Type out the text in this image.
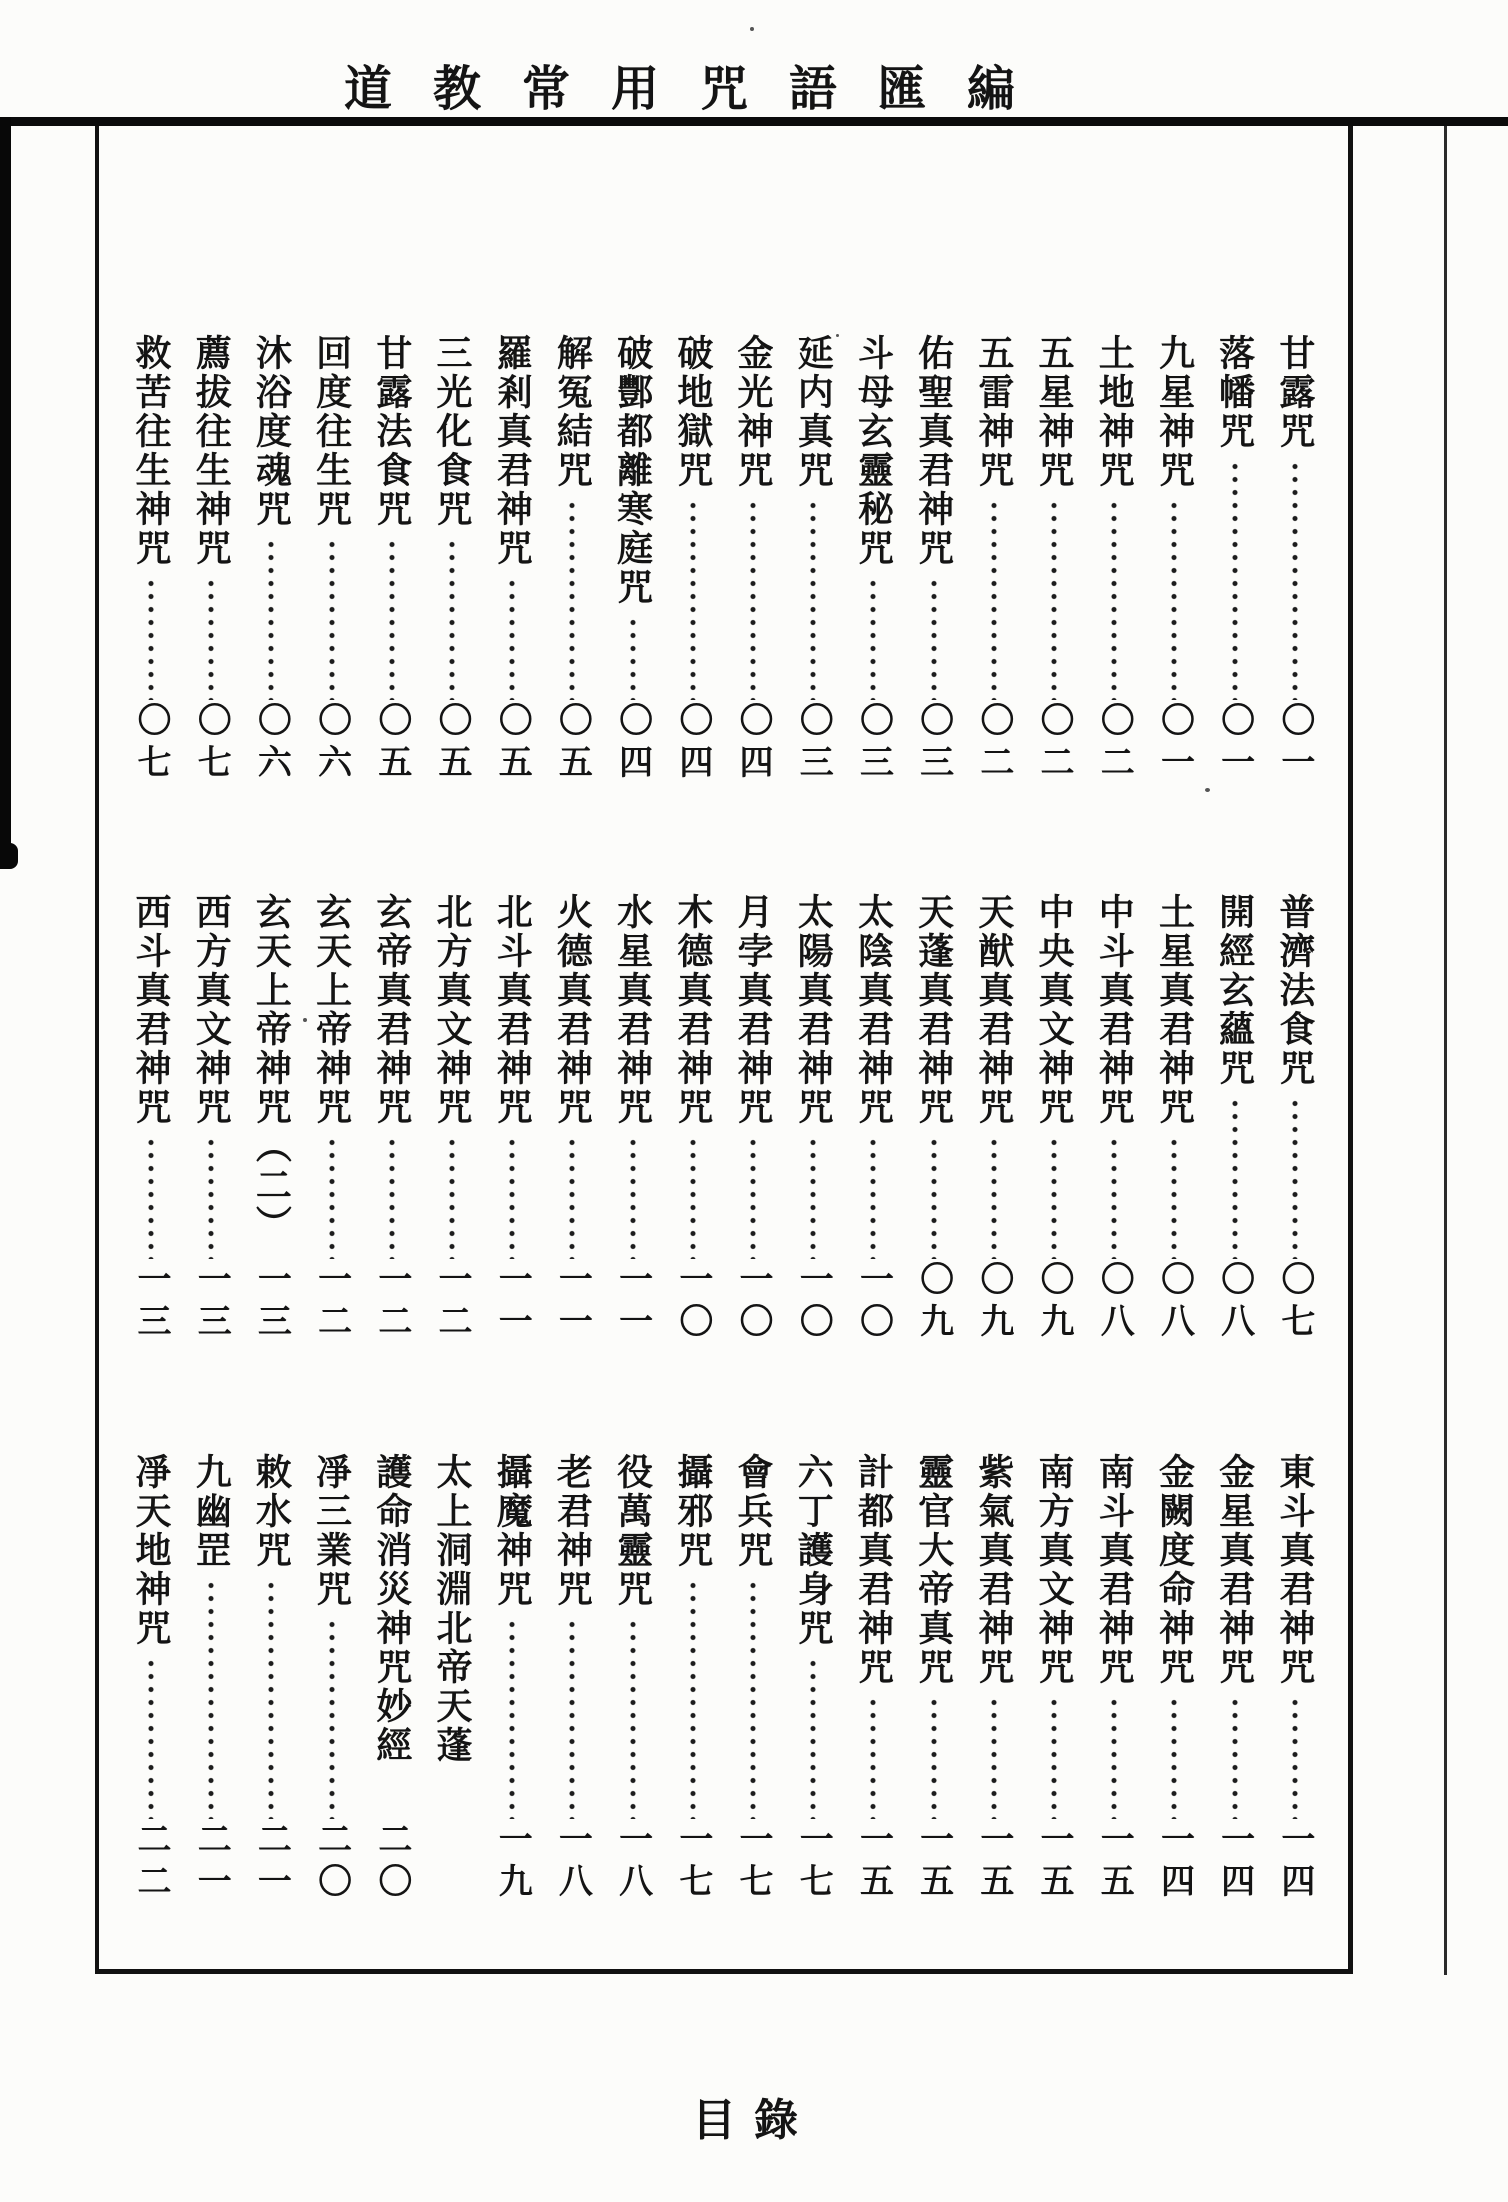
道教常用咒語匯編
甘露咒
〇一
落幡咒
〇一
九星神咒
〇一
土地神咒
〇二
五星神咒
〇二
五雷神咒
〇二
佑聖真君神咒
〇三
斗母玄靈秘咒
〇三
延内真咒
〇三
金光神咒
〇四
破地獄咒
〇四
破酆都離寒庭咒
〇四
解冤結咒
〇五
羅剎真君神咒
〇五
三光化食咒
〇五
甘露法食咒
〇五
回度往生咒
〇六
沐浴度魂咒
〇六
薦拔往生神咒
〇七
救苦往生神咒
〇七
普濟法食咒
〇七
開經玄蘊咒
〇八
土星真君神咒
〇八
中斗真君神咒
〇八
中央真文神咒
〇九
天猷真君神咒
〇九
天蓬真君神咒
〇九
太陰真君神咒
一〇
太陽真君神咒
一〇
月孛真君神咒
一〇
木德真君神咒
一〇
水星真君神咒
一一
火德真君神咒
一一
北斗真君神咒
一一
北方真文神咒
一二
玄帝真君神咒
一二
玄天上帝神咒
一二
玄天上帝神咒（二）
一三
西方真文神咒
一三
西斗真君神咒
一三
東斗真君神咒
一四
金星真君神咒
一四
金闕度命神咒
一四
南斗真君神咒
一五
南方真文神咒
一五
紫氣真君神咒
一五
靈官大帝真咒
一五
計都真君神咒
一五
六丁護身咒
一七
會兵咒
一七
攝邪咒
一七
役萬靈咒
一八
老君神咒
一八
攝魔神咒
一九
太上洞淵北帝天蓬
護命消災神咒妙經
二〇
凈三業咒
二〇
敕水咒
二一
九幽罡
二一
凈天地神咒
二二
目錄
